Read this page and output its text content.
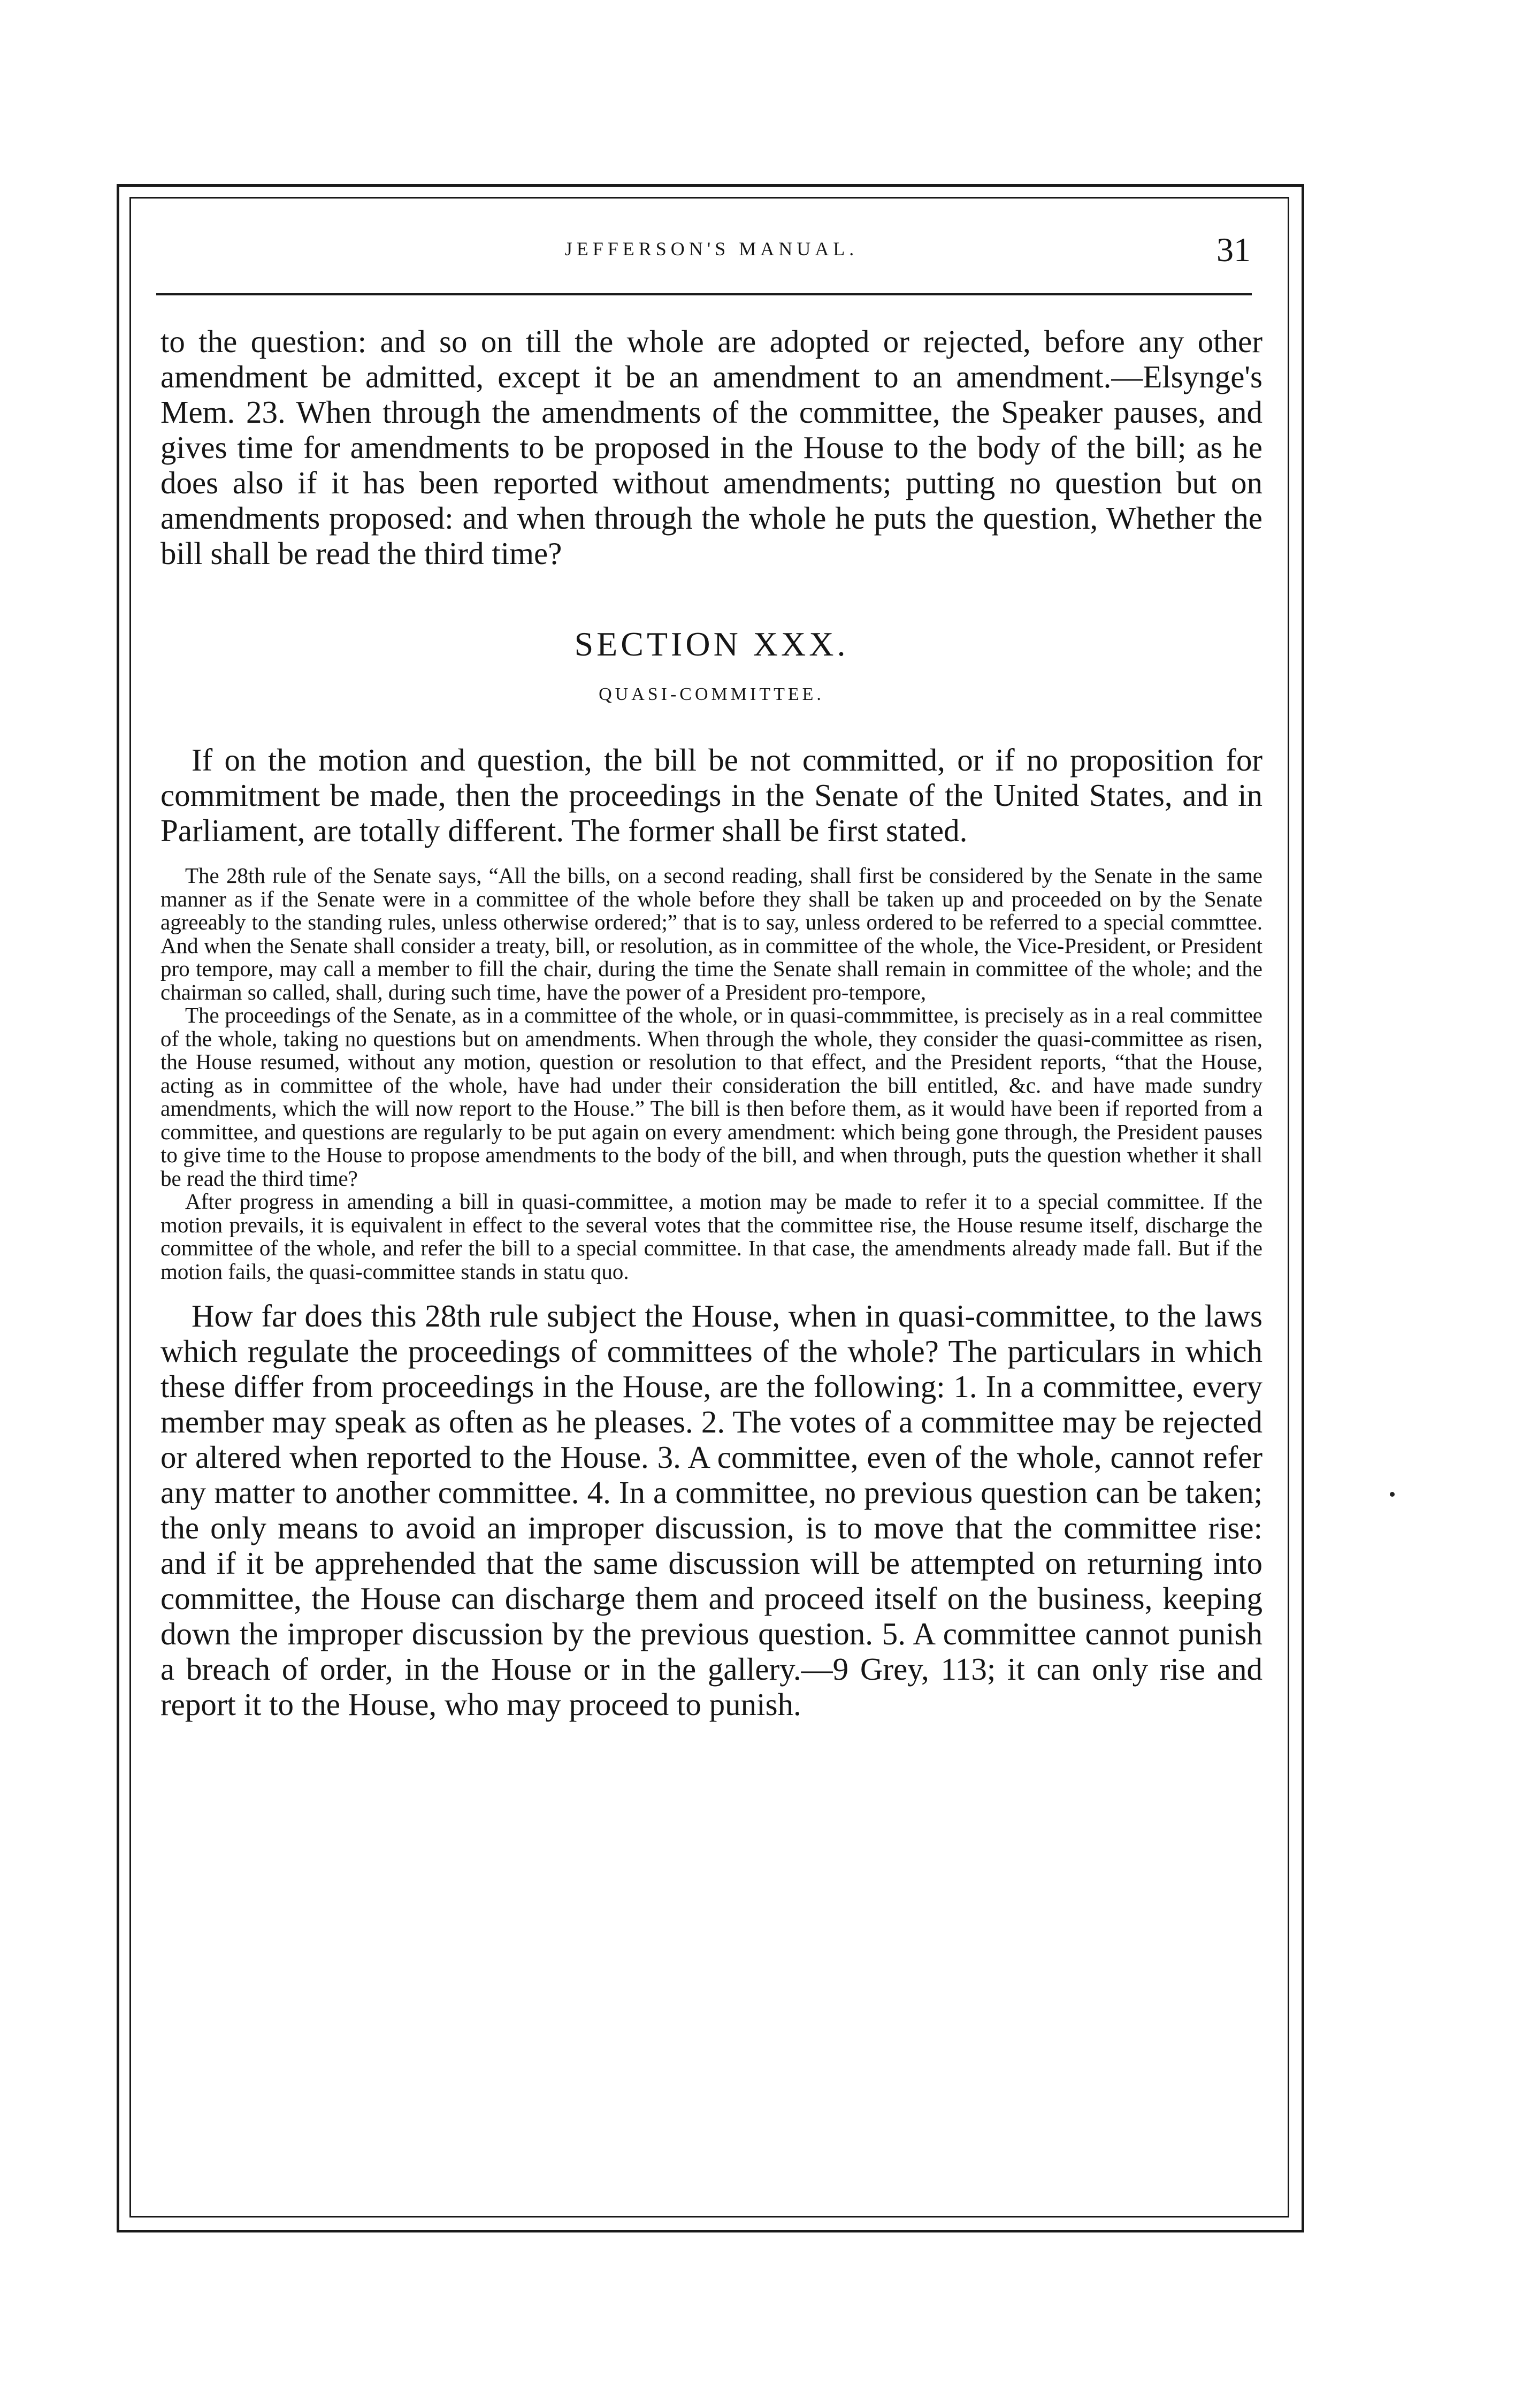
JEFFERSON'S MANUAL.	31

to the question: and so on till the whole are adopted or rejected, before any other amendment be admitted, except it be an amendment to an amendment.—Elsynge's Mem. 23. When through the amendments of the committee, the Speaker pauses, and gives time for amendments to be proposed in the House to the body of the bill; as he does also if it has been reported without amendments; putting no question but on amendments proposed: and when through the whole he puts the question, Whether the bill shall be read the third time?

SECTION XXX.
QUASI-COMMITTEE.

If on the motion and question, the bill be not committed, or if no proposition for commitment be made, then the proceedings in the Senate of the United States, and in Parliament, are totally different. The former shall be first stated.

The 28th rule of the Senate says, “All the bills, on a second reading, shall first be considered by the Senate in the same manner as if the Senate were in a committee of the whole before they shall be taken up and proceeded on by the Senate agreeably to the standing rules, unless otherwise ordered;” that is to say, unless ordered to be referred to a special commttee. And when the Senate shall consider a treaty, bill, or resolution, as in committee of the whole, the Vice-President, or President pro tempore, may call a member to fill the chair, during the time the Senate shall remain in committee of the whole; and the chairman so called, shall, during such time, have the power of a President pro-tempore,

The proceedings of the Senate, as in a committee of the whole, or in quasi-commmittee, is precisely as in a real committee of the whole, taking no questions but on amendments. When through the whole, they consider the quasi-committee as risen, the House resumed, without any motion, question or resolution to that effect, and the President reports, “that the House, acting as in committee of the whole, have had under their consideration the bill entitled, &c. and have made sundry amendments, which the will now report to the House.” The bill is then before them, as it would have been if reported from a committee, and questions are regularly to be put again on every amendment: which being gone through, the President pauses to give time to the House to propose amendments to the body of the bill, and when through, puts the question whether it shall be read the third time?

After progress in amending a bill in quasi-committee, a motion may be made to refer it to a special committee. If the motion prevails, it is equivalent in effect to the several votes that the committee rise, the House resume itself, discharge the committee of the whole, and refer the bill to a special committee. In that case, the amendments already made fall. But if the motion fails, the quasi-committee stands in statu quo.

How far does this 28th rule subject the House, when in quasi-committee, to the laws which regulate the proceedings of committees of the whole? The particulars in which these differ from proceedings in the House, are the following: 1. In a committee, every member may speak as often as he pleases. 2. The votes of a committee may be rejected or altered when reported to the House. 3. A committee, even of the whole, cannot refer any matter to another committee. 4. In a committee, no previous question can be taken; the only means to avoid an improper discussion, is to move that the committee rise: and if it be apprehended that the same discussion will be attempted on returning into committee, the House can discharge them and proceed itself on the business, keeping down the improper discussion by the previous question. 5. A committee cannot punish a breach of order, in the House or in the gallery.—9 Grey, 113; it can only rise and report it to the House, who may proceed to punish.
